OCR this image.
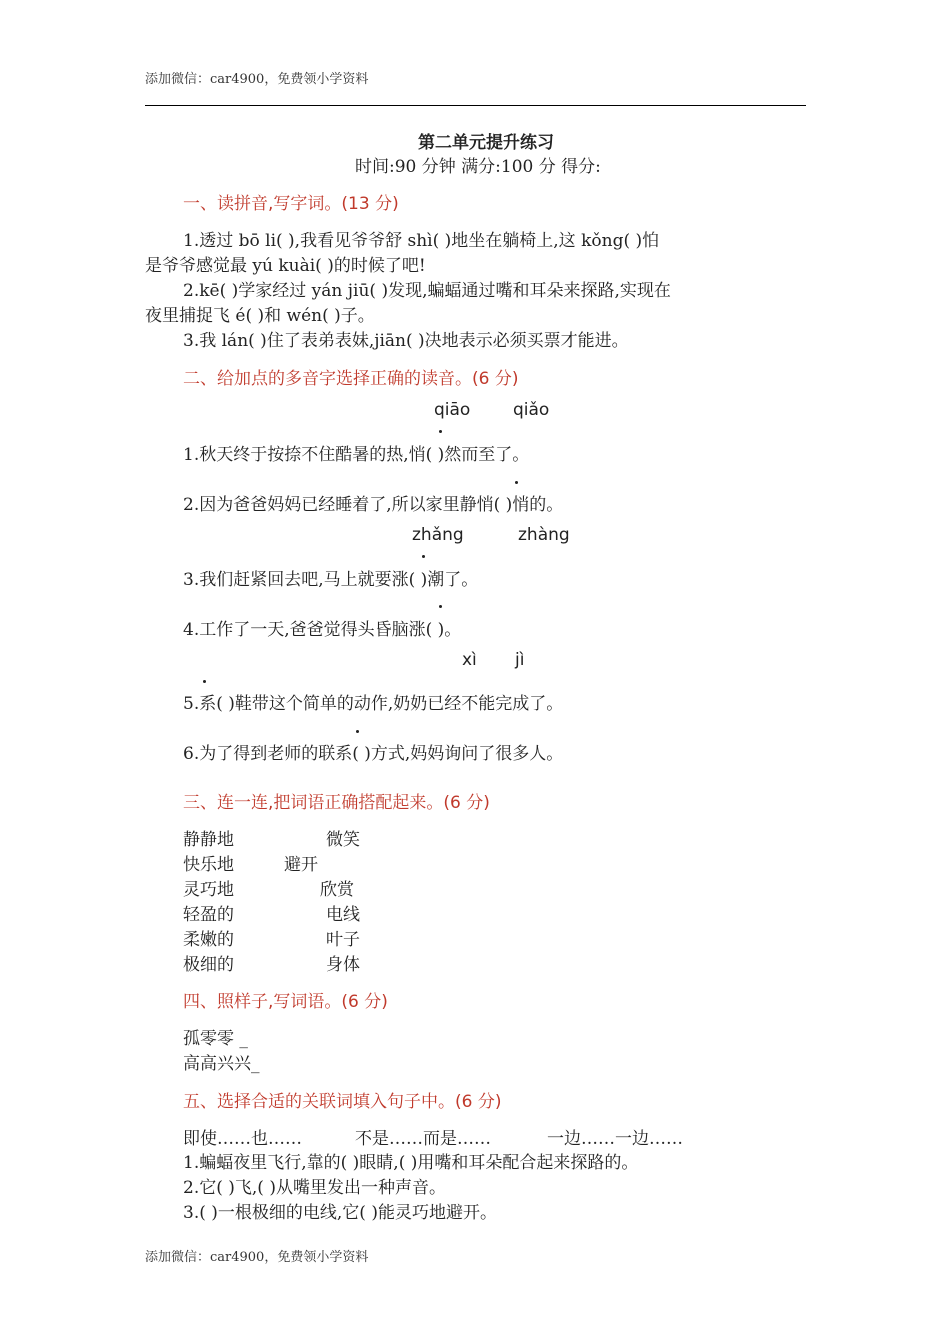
添加微信：car4900，免费领小学资料
第二单元提升练习
时间:90 分钟 满分:100 分 得分:
一、读拼音,写字词。(13 分)
1.透过 bō li( ),我看见爷爷舒 shì( )地坐在躺椅上,这 kǒng( )怕
是爷爷感觉最 yú kuài( )的时候了吧!
2.kē( )学家经过 yán jiū( )发现,蝙蝠通过嘴和耳朵来探路,实现在
夜里捕捉飞 é( )和 wén( )子。
3.我 lán( )住了表弟表妹,jiān( )决地表示必须买票才能进。
二、给加点的多音字选择正确的读音。(6 分)
qiāo	qiǎo
1.秋天终于按捺不住酷暑的热,悄( )然而至了。
2.因为爸爸妈妈已经睡着了,所以家里静悄( )悄的。
zhǎng	zhàng
3.我们赶紧回去吧,马上就要涨( )潮了。
4.工作了一天,爸爸觉得头昏脑涨( )。
xì jì
5.系( )鞋带这个简单的动作,奶奶已经不能完成了。
6.为了得到老师的联系( )方式,妈妈询问了很多人。
三、连一连,把词语正确搭配起来。(6 分)
静静地	微笑
快乐地	避开
灵巧地	欣赏
轻盈的	电线
柔嫩的	叶子
极细的	身体
四、照样子,写词语。(6 分)
孤零零 _
高高兴兴_
五、选择合适的关联词填入句子中。(6 分)
即使……也……	不是……而是……	一边……一边……
1.蝙蝠夜里飞行,靠的( )眼睛,( )用嘴和耳朵配合起来探路的。
2.它( )飞,( )从嘴里发出一种声音。
3.( )一根极细的电线,它( )能灵巧地避开。
添加微信：car4900，免费领小学资料
